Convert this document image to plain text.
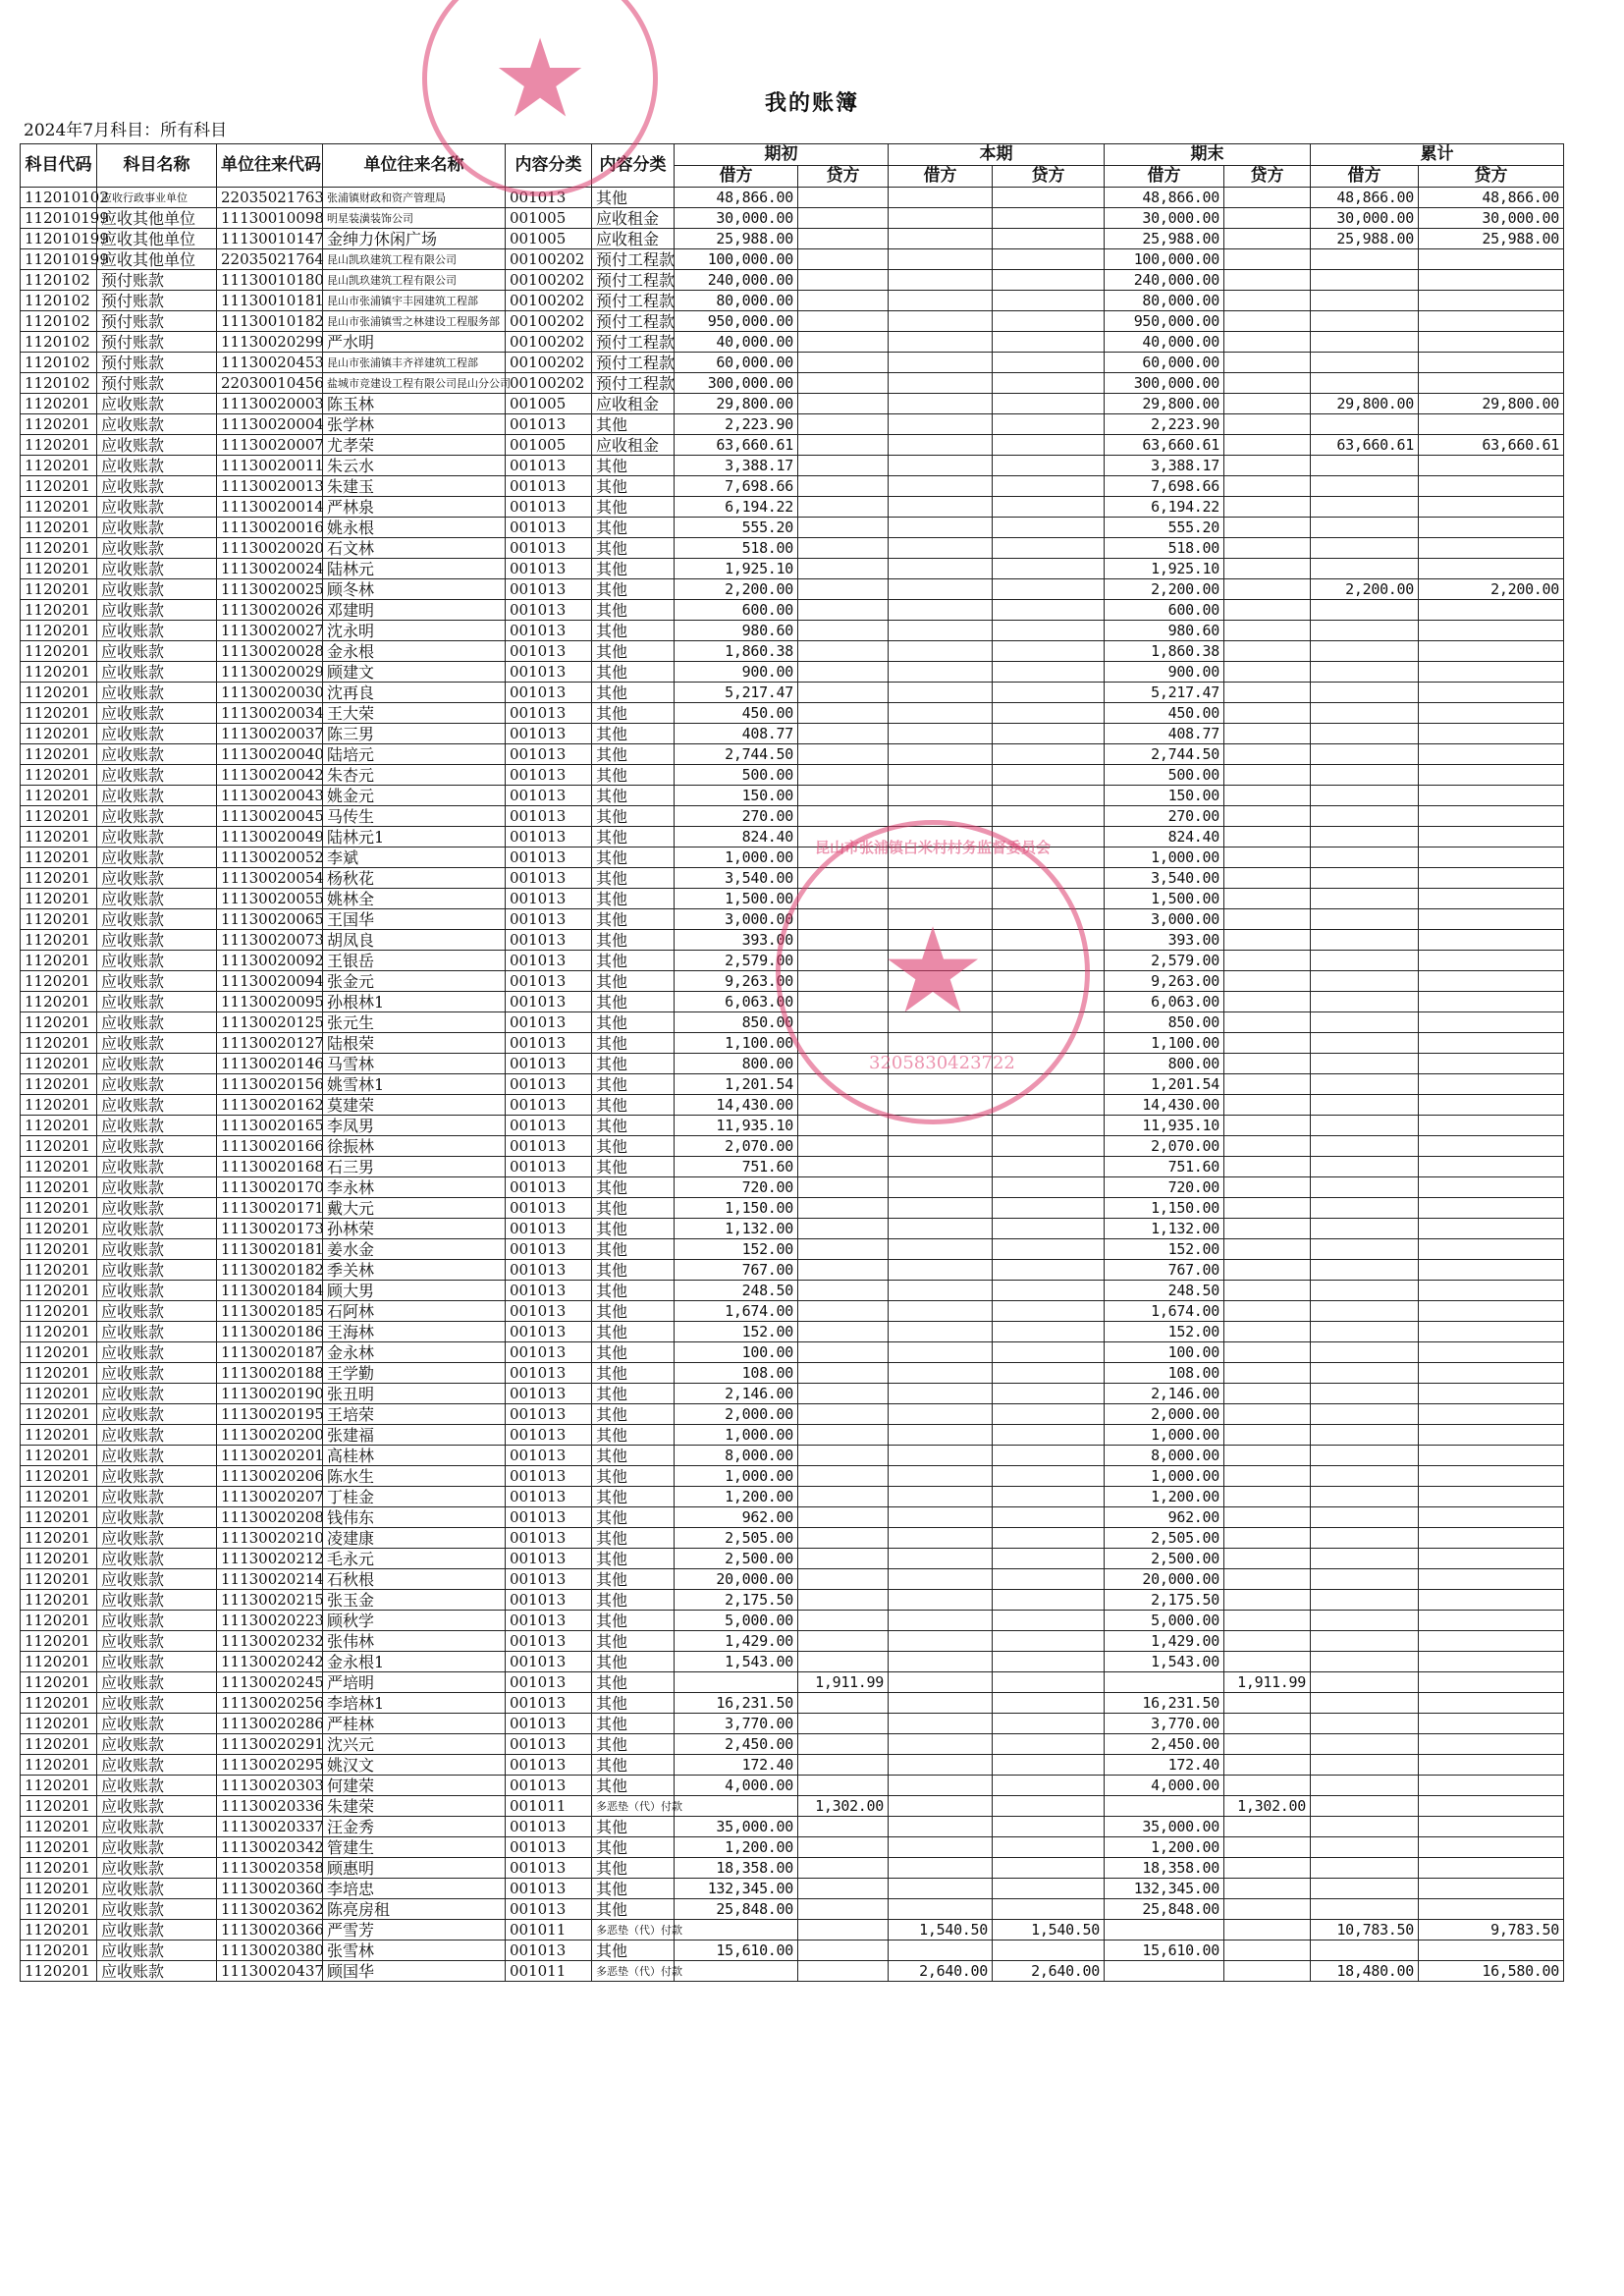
我的账簿
2024年7月科目：所有科目
科目代码	科目名称	单位往来代码	单位往来名称	内容分类	内容分类	期初		本期		期末		累计	
						借方	贷方	借方	贷方	借方	贷方	借方	贷方
112010102	应收行政事业单位	22035021763	张浦镇财政和资产管理局	001013	其他	48,866.00				48,866.00		48,866.00	48,866.00
112010199	应收其他单位	11130010098	明星装潢装饰公司	001005	应收租金	30,000.00				30,000.00		30,000.00	30,000.00
112010199	应收其他单位	11130010147	金绅力休闲广场	001005	应收租金	25,988.00				25,988.00		25,988.00	25,988.00
112010199	应收其他单位	22035021764	昆山凯玖建筑工程有限公司	00100202	预付工程款	100,000.00				100,000.00			
1120102	预付账款	11130010180	昆山凯玖建筑工程有限公司	00100202	预付工程款	240,000.00				240,000.00			
1120102	预付账款	11130010181	昆山市张浦镇宇丰园建筑工程部	00100202	预付工程款	80,000.00				80,000.00			
1120102	预付账款	11130010182	昆山市张浦镇雪之林建设工程服务部	00100202	预付工程款	950,000.00				950,000.00			
1120102	预付账款	11130020299	严水明	00100202	预付工程款	40,000.00				40,000.00			
1120102	预付账款	11130020453	昆山市张浦镇丰齐祥建筑工程部	00100202	预付工程款	60,000.00				60,000.00			
1120102	预付账款	22030010456	盐城市竞建设工程有限公司昆山分公司	00100202	预付工程款	300,000.00				300,000.00			
1120201	应收账款	11130020003	陈玉林	001005	应收租金	29,800.00				29,800.00		29,800.00	29,800.00
1120201	应收账款	11130020004	张学林	001013	其他	2,223.90				2,223.90			
1120201	应收账款	11130020007	尤孝荣	001005	应收租金	63,660.61				63,660.61		63,660.61	63,660.61
1120201	应收账款	11130020011	朱云水	001013	其他	3,388.17				3,388.17			
1120201	应收账款	11130020013	朱建玉	001013	其他	7,698.66				7,698.66			
1120201	应收账款	11130020014	严林泉	001013	其他	6,194.22				6,194.22			
1120201	应收账款	11130020016	姚永根	001013	其他	555.20				555.20			
1120201	应收账款	11130020020	石文林	001013	其他	518.00				518.00			
1120201	应收账款	11130020024	陆林元	001013	其他	1,925.10				1,925.10			
1120201	应收账款	11130020025	顾冬林	001013	其他	2,200.00				2,200.00		2,200.00	2,200.00
1120201	应收账款	11130020026	邓建明	001013	其他	600.00				600.00			
1120201	应收账款	11130020027	沈永明	001013	其他	980.60				980.60			
1120201	应收账款	11130020028	金永根	001013	其他	1,860.38				1,860.38			
1120201	应收账款	11130020029	顾建文	001013	其他	900.00				900.00			
1120201	应收账款	11130020030	沈再良	001013	其他	5,217.47				5,217.47			
1120201	应收账款	11130020034	王大荣	001013	其他	450.00				450.00			
1120201	应收账款	11130020037	陈三男	001013	其他	408.77				408.77			
1120201	应收账款	11130020040	陆培元	001013	其他	2,744.50				2,744.50			
1120201	应收账款	11130020042	朱杏元	001013	其他	500.00				500.00			
1120201	应收账款	11130020043	姚金元	001013	其他	150.00				150.00			
1120201	应收账款	11130020045	马传生	001013	其他	270.00				270.00			
1120201	应收账款	11130020049	陆林元1	001013	其他	824.40				824.40			
1120201	应收账款	11130020052	李斌	001013	其他	1,000.00				1,000.00			
1120201	应收账款	11130020054	杨秋花	001013	其他	3,540.00				3,540.00			
1120201	应收账款	11130020055	姚林全	001013	其他	1,500.00				1,500.00			
1120201	应收账款	11130020065	王国华	001013	其他	3,000.00				3,000.00			
1120201	应收账款	11130020073	胡凤良	001013	其他	393.00				393.00			
1120201	应收账款	11130020092	王银岳	001013	其他	2,579.00				2,579.00			
1120201	应收账款	11130020094	张金元	001013	其他	9,263.00				9,263.00			
1120201	应收账款	11130020095	孙根林1	001013	其他	6,063.00				6,063.00			
1120201	应收账款	11130020125	张元生	001013	其他	850.00				850.00			
1120201	应收账款	11130020127	陆根荣	001013	其他	1,100.00				1,100.00			
1120201	应收账款	11130020146	马雪林	001013	其他	800.00				800.00			
1120201	应收账款	11130020156	姚雪林1	001013	其他	1,201.54				1,201.54			
1120201	应收账款	11130020162	莫建荣	001013	其他	14,430.00				14,430.00			
1120201	应收账款	11130020165	李凤男	001013	其他	11,935.10				11,935.10			
1120201	应收账款	11130020166	徐振林	001013	其他	2,070.00				2,070.00			
1120201	应收账款	11130020168	石三男	001013	其他	751.60				751.60			
1120201	应收账款	11130020170	李永林	001013	其他	720.00				720.00			
1120201	应收账款	11130020171	戴大元	001013	其他	1,150.00				1,150.00			
1120201	应收账款	11130020173	孙林荣	001013	其他	1,132.00				1,132.00			
1120201	应收账款	11130020181	姜水金	001013	其他	152.00				152.00			
1120201	应收账款	11130020182	季关林	001013	其他	767.00				767.00			
1120201	应收账款	11130020184	顾大男	001013	其他	248.50				248.50			
1120201	应收账款	11130020185	石阿林	001013	其他	1,674.00				1,674.00			
1120201	应收账款	11130020186	王海林	001013	其他	152.00				152.00			
1120201	应收账款	11130020187	金永林	001013	其他	100.00				100.00			
1120201	应收账款	11130020188	王学勤	001013	其他	108.00				108.00			
1120201	应收账款	11130020190	张丑明	001013	其他	2,146.00				2,146.00			
1120201	应收账款	11130020195	王培荣	001013	其他	2,000.00				2,000.00			
1120201	应收账款	11130020200	张建福	001013	其他	1,000.00				1,000.00			
1120201	应收账款	11130020201	高桂林	001013	其他	8,000.00				8,000.00			
1120201	应收账款	11130020206	陈水生	001013	其他	1,000.00				1,000.00			
1120201	应收账款	11130020207	丁桂金	001013	其他	1,200.00				1,200.00			
1120201	应收账款	11130020208	钱伟东	001013	其他	962.00				962.00			
1120201	应收账款	11130020210	凌建康	001013	其他	2,505.00				2,505.00			
1120201	应收账款	11130020212	毛永元	001013	其他	2,500.00				2,500.00			
1120201	应收账款	11130020214	石秋根	001013	其他	20,000.00				20,000.00			
1120201	应收账款	11130020215	张玉金	001013	其他	2,175.50				2,175.50			
1120201	应收账款	11130020223	顾秋学	001013	其他	5,000.00				5,000.00			
1120201	应收账款	11130020232	张伟林	001013	其他	1,429.00				1,429.00			
1120201	应收账款	11130020242	金永根1	001013	其他	1,543.00				1,543.00			
1120201	应收账款	11130020245	严培明	001013	其他		1,911.99				1,911.99		
1120201	应收账款	11130020256	李培林1	001013	其他	16,231.50				16,231.50			
1120201	应收账款	11130020286	严桂林	001013	其他	3,770.00				3,770.00			
1120201	应收账款	11130020291	沈兴元	001013	其他	2,450.00				2,450.00			
1120201	应收账款	11130020295	姚汉文	001013	其他	172.40				172.40			
1120201	应收账款	11130020303	何建荣	001013	其他	4,000.00				4,000.00			
1120201	应收账款	11130020336	朱建荣	001011	多恶垫（代）付款		1,302.00				1,302.00		
1120201	应收账款	11130020337	汪金秀	001013	其他	35,000.00				35,000.00			
1120201	应收账款	11130020342	管建生	001013	其他	1,200.00				1,200.00			
1120201	应收账款	11130020358	顾惠明	001013	其他	18,358.00				18,358.00			
1120201	应收账款	11130020360	李培忠	001013	其他	132,345.00				132,345.00			
1120201	应收账款	11130020362	陈亮房租	001013	其他	25,848.00				25,848.00			
1120201	应收账款	11130020366	严雪芳	001011	多恶垫（代）付款			1,540.50	1,540.50			10,783.50	9,783.50
1120201	应收账款	11130020380	张雪林	001013	其他	15,610.00				15,610.00			
1120201	应收账款	11130020437	顾国华	001011	多恶垫（代）付款			2,640.00	2,640.00			18,480.00	16,580.00
★
★
昆山市张浦镇白米村村务监督委员会
3205830423722
